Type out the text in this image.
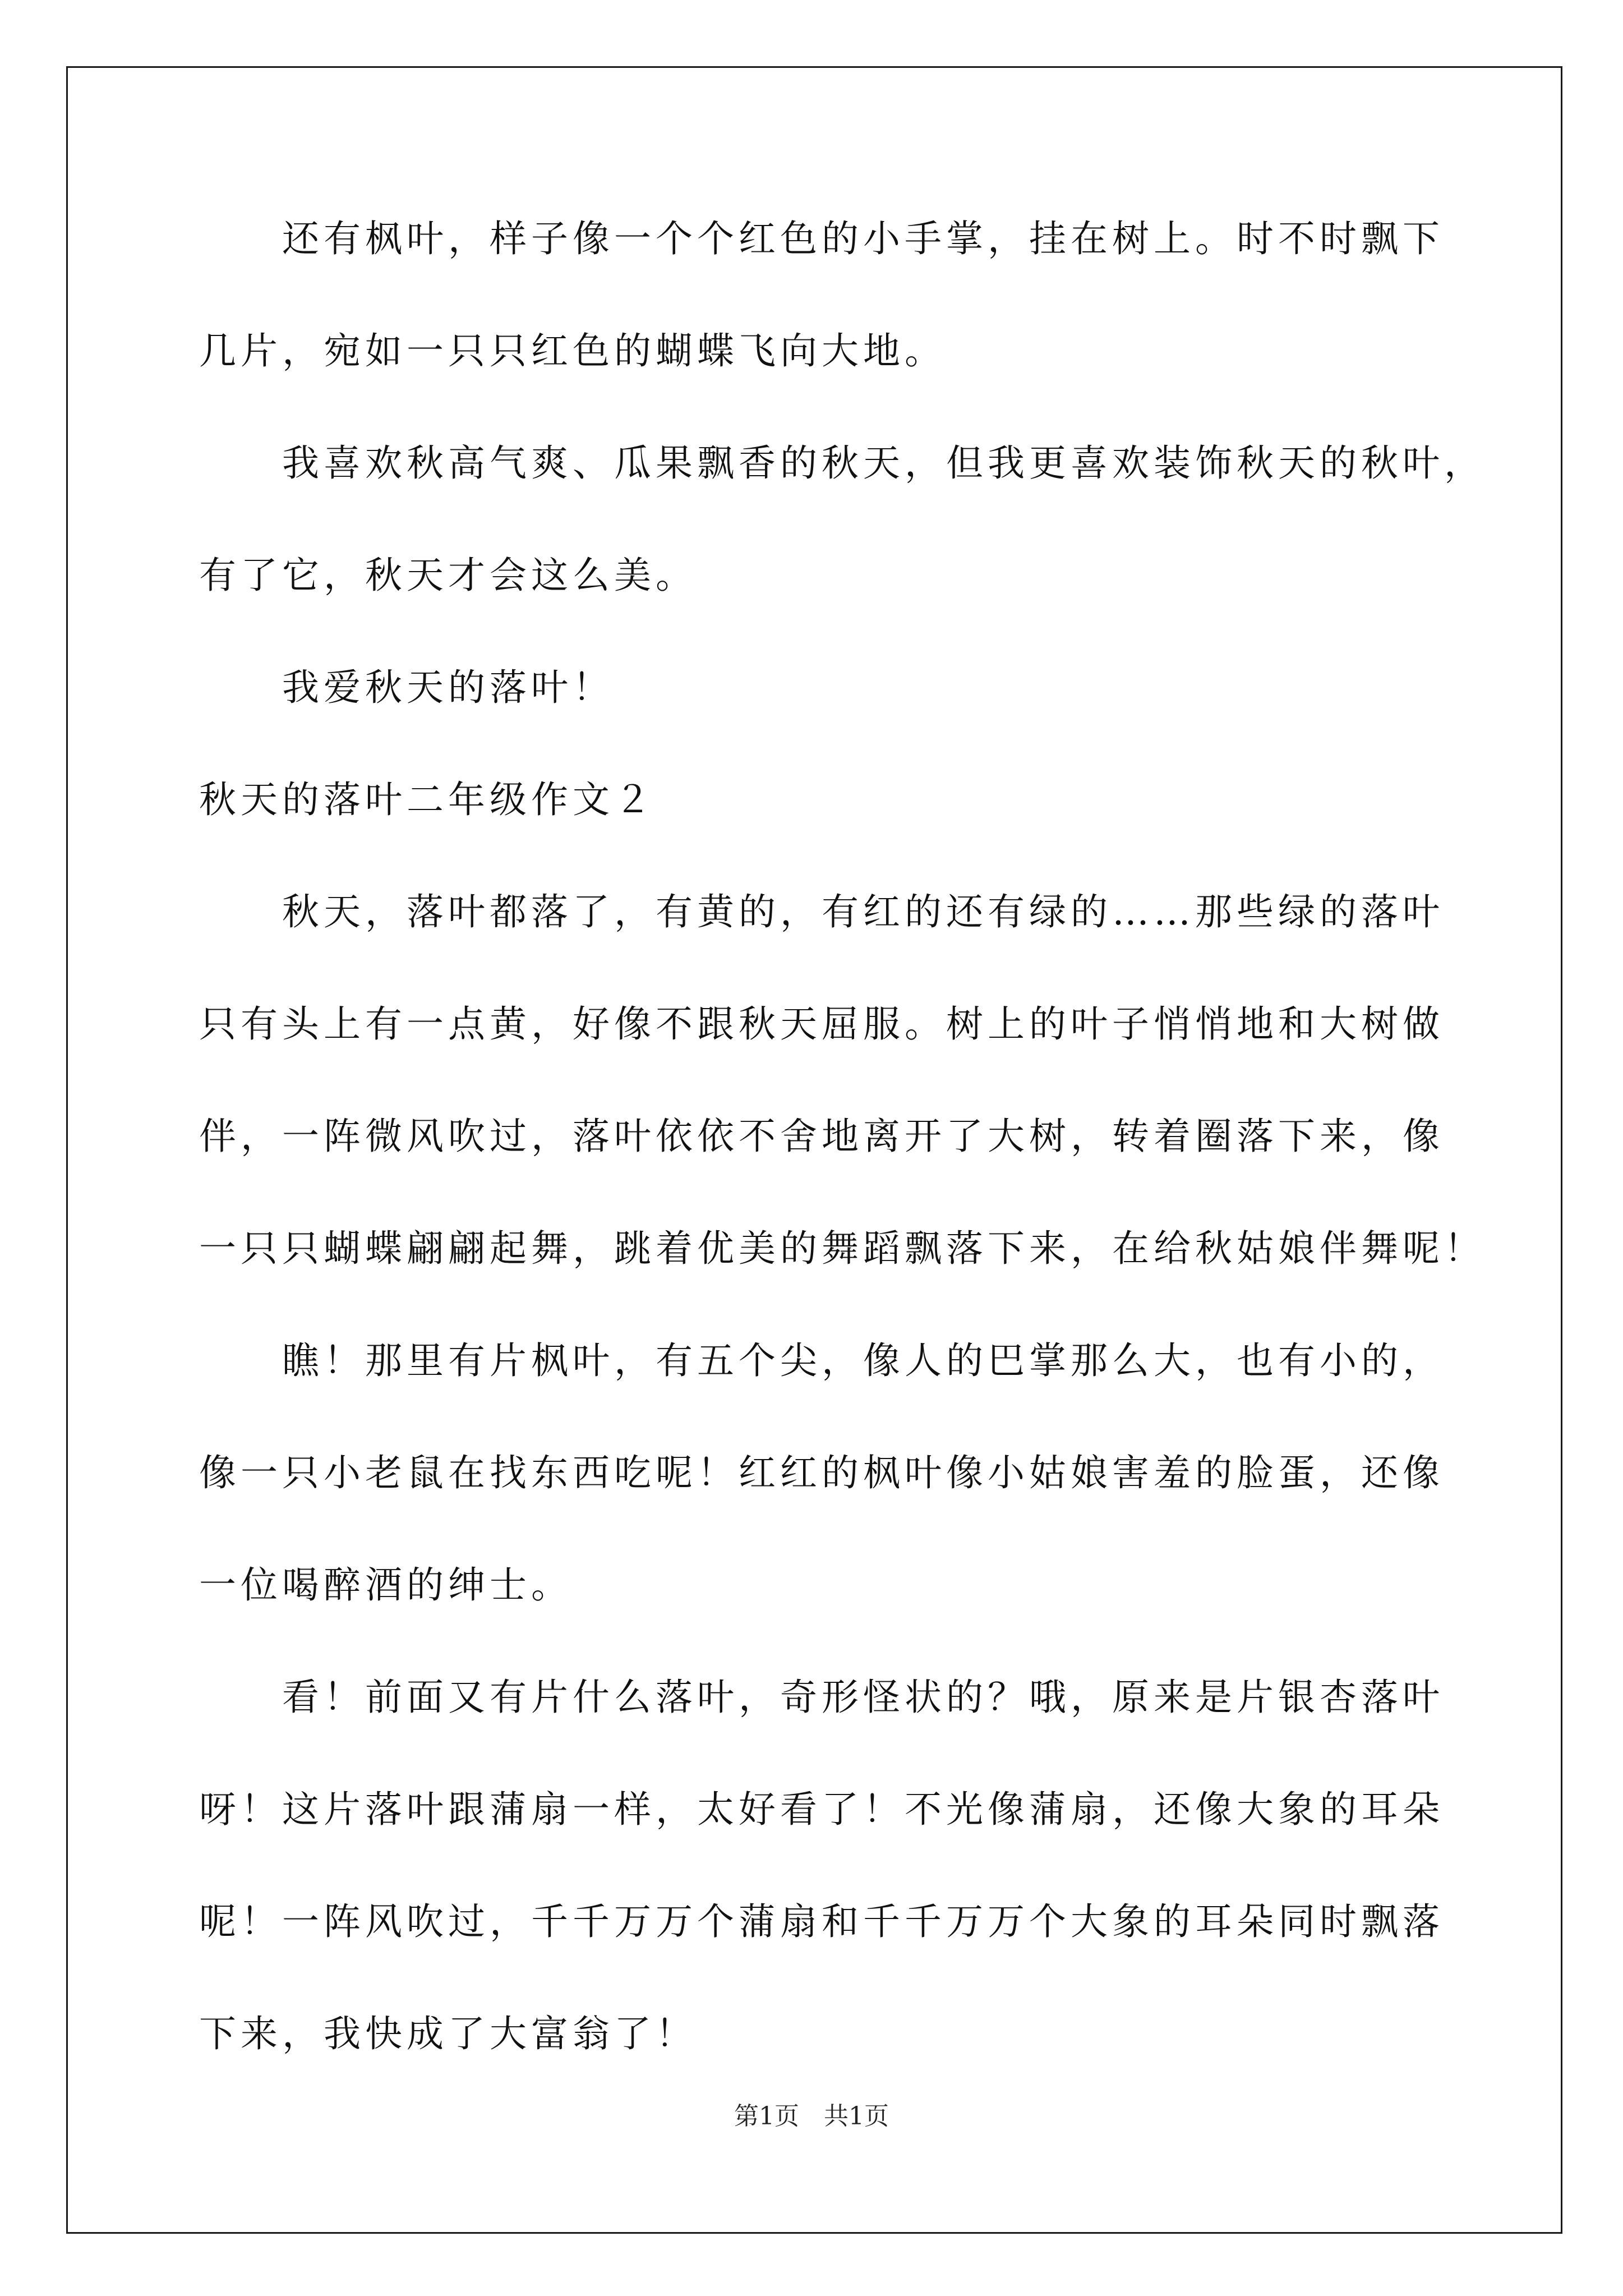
还有枫叶，样子像一个个红色的小手掌，挂在树上。时不时飘下
几片，宛如一只只红色的蝴蝶飞向大地。
我喜欢秋高气爽、瓜果飘香的秋天，但我更喜欢装饰秋天的秋叶，
有了它，秋天才会这么美。
我爱秋天的落叶！
秋天的落叶二年级作文２
秋天，落叶都落了，有黄的，有红的还有绿的……那些绿的落叶
只有头上有一点黄，好像不跟秋天屈服。树上的叶子悄悄地和大树做
伴，一阵微风吹过，落叶依依不舍地离开了大树，转着圈落下来，像
一只只蝴蝶翩翩起舞，跳着优美的舞蹈飘落下来，在给秋姑娘伴舞呢！
瞧！那里有片枫叶，有五个尖，像人的巴掌那么大，也有小的，
像一只小老鼠在找东西吃呢！红红的枫叶像小姑娘害羞的脸蛋，还像
一位喝醉酒的绅士。
看！前面又有片什么落叶，奇形怪状的？哦，原来是片银杏落叶
呀！这片落叶跟蒲扇一样，太好看了！不光像蒲扇，还像大象的耳朵
呢！一阵风吹过，千千万万个蒲扇和千千万万个大象的耳朵同时飘落
下来，我快成了大富翁了！
第1页　共1页
